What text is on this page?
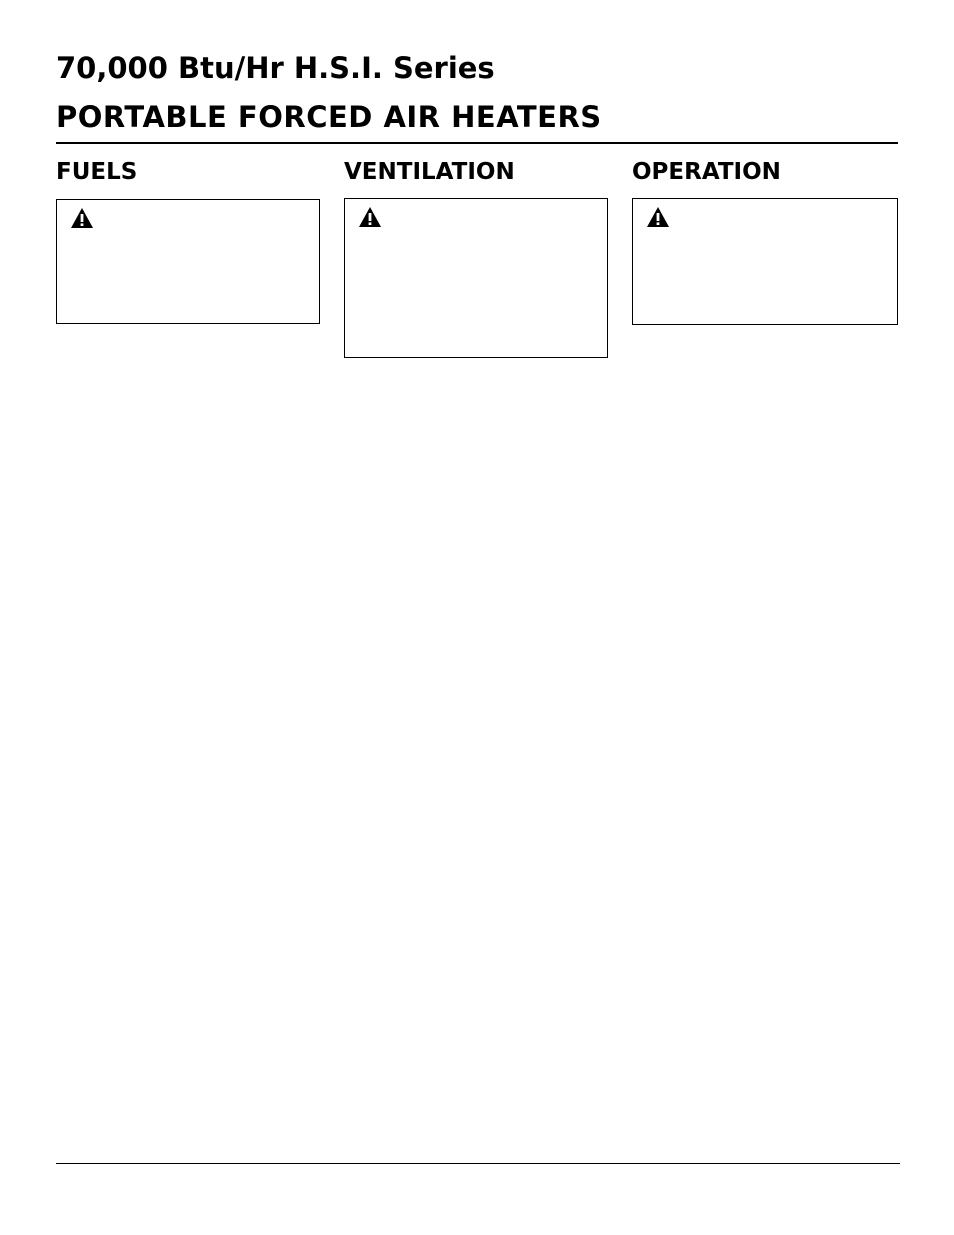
70,000 Btu/Hr H.S.I. Series
PORTABLE FORCED AIR HEATERS
FUELS	VENTILATION	OPERATION
